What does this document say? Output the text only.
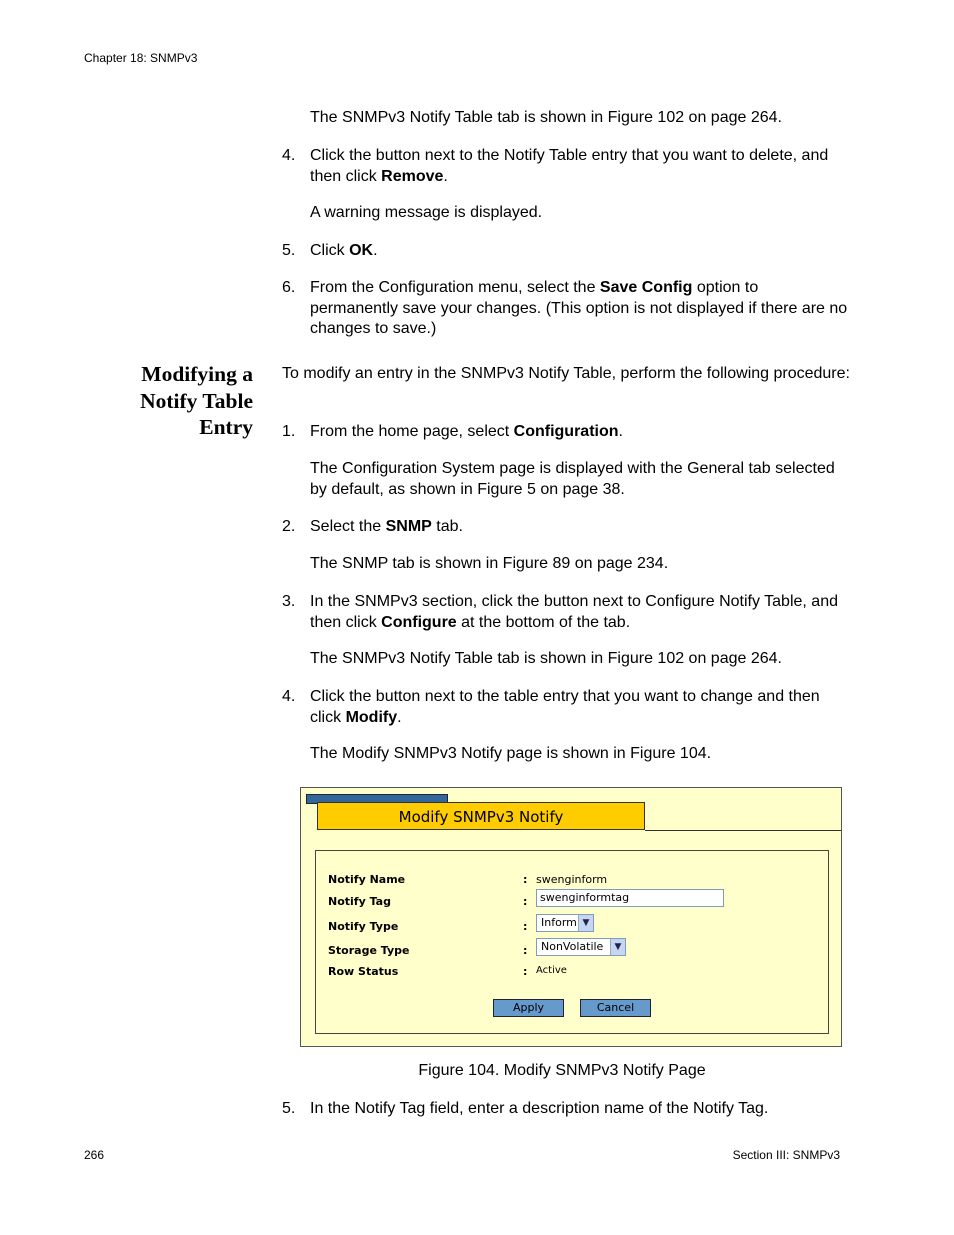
Chapter 18: SNMPv3
The SNMPv3 Notify Table tab is shown in Figure 102 on page 264.
4. Click the button next to the Notify Table entry that you want to delete, and then click Remove.
A warning message is displayed.
5. Click OK.
6. From the Configuration menu, select the Save Config option to permanently save your changes. (This option is not displayed if there are no changes to save.)
Modifying a
Notify Table
Entry
To modify an entry in the SNMPv3 Notify Table, perform the following procedure:
1. From the home page, select Configuration.
The Configuration System page is displayed with the General tab selected by default, as shown in Figure 5 on page 38.
2. Select the SNMP tab.
The SNMP tab is shown in Figure 89 on page 234.
3. In the SNMPv3 section, click the button next to Configure Notify Table, and then click Configure at the bottom of the tab.
The SNMPv3 Notify Table tab is shown in Figure 102 on page 264.
4. Click the button next to the table entry that you want to change and then click Modify.
The Modify SNMPv3 Notify page is shown in Figure 104.
Modify SNMPv3 Notify
Notify Name	: swenginform
Notify Tag	:	swenginformtag
Notify Type	:	Inform ▼
Storage Type	:	NonVolatile	▼
Row Status	: Active
Apply	Cancel
Figure 104. Modify SNMPv3 Notify Page
5. In the Notify Tag field, enter a description name of the Notify Tag.
266	Section III: SNMPv3
